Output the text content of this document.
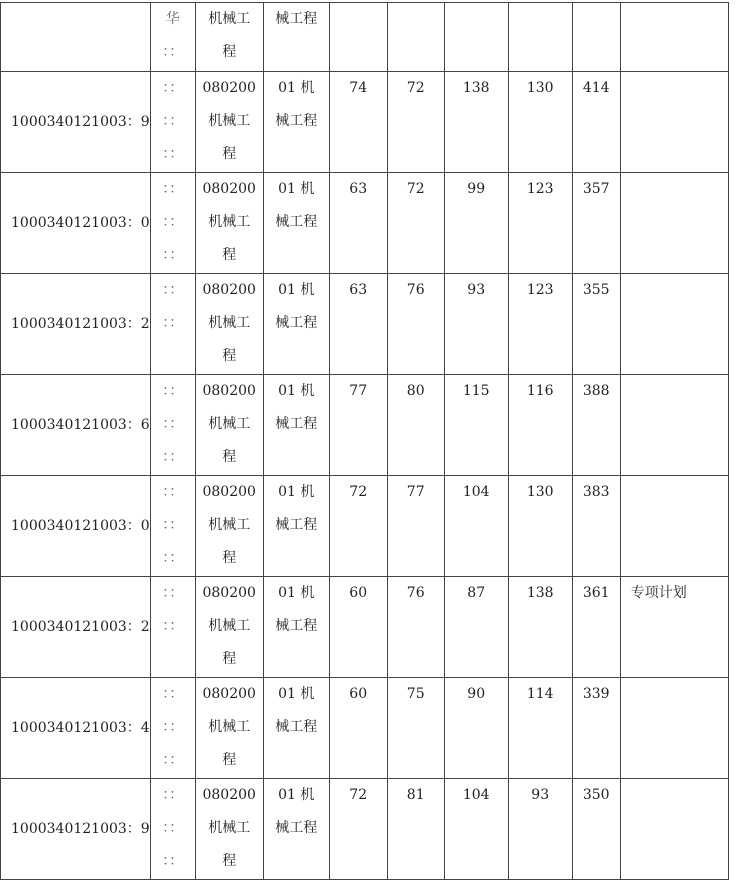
	华
：：	机械工
程	械工程						

1000340121003：9	：：
：：
：：	080200
机械工
程	01 机
械工程	74	72	138	130	414	
1000340121003：0	：：
：：
：：	080200
机械工
程	01 机
械工程	63	72	99	123	357	
1000340121003：2	：：
：：	080200
机械工
程	01 机
械工程	63	76	93	123	355	
1000340121003：6	：：
：：
：：	080200
机械工
程	01 机
械工程	77	80	115	116	388	
1000340121003：0	：：
：：
：：	080200
机械工
程	01 机
械工程	72	77	104	130	383	
1000340121003：2	：：
：：	080200
机械工
程	01 机
械工程	60	76	87	138	361	专项计划
1000340121003：4	：：
：：
：：	080200
机械工
程	01 机
械工程	60	75	90	114	339	
1000340121003：9	：：
：：
：：	080200
机械工
程	01 机
械工程	72	81	104	93	350	
